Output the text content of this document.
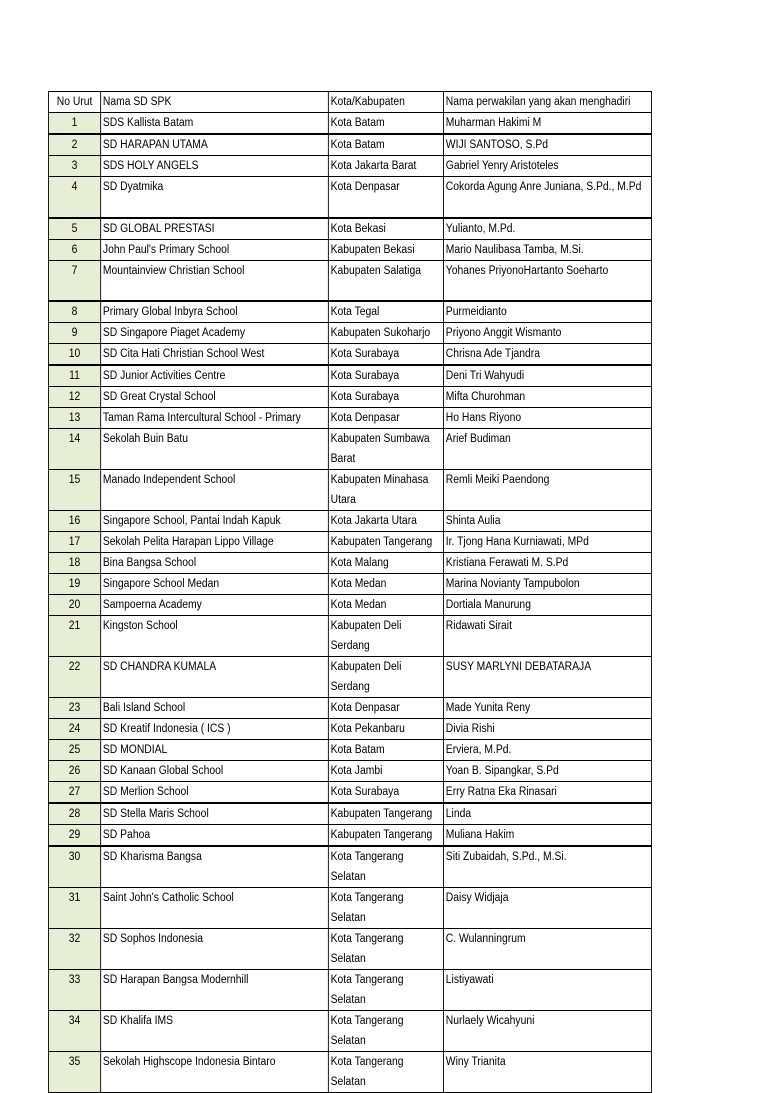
No Urut	Nama SD SPK	Kota/Kabupaten	Nama perwakilan yang akan menghadiri
1	SDS Kallista Batam	Kota Batam	Muharman Hakimi M
2	SD HARAPAN UTAMA	Kota Batam	WIJI SANTOSO, S.Pd
3	SDS HOLY ANGELS	Kota Jakarta Barat	Gabriel Yenry Aristoteles
4	SD Dyatmika	Kota Denpasar	Cokorda Agung Anre Juniana, S.Pd., M.Pd
5	SD GLOBAL PRESTASI	Kota Bekasi	Yulianto, M.Pd.
6	John Paul's Primary School	Kabupaten Bekasi	Mario Naulibasa Tamba, M.Si.
7	Mountainview Christian School	Kabupaten Salatiga	Yohanes PriyonoHartanto Soeharto
8	Primary Global Inbyra School	Kota Tegal	Purmeidianto
9	SD Singapore Piaget Academy	Kabupaten Sukoharjo	Priyono Anggit Wismanto
10	SD Cita Hati Christian School West	Kota Surabaya	Chrisna Ade Tjandra
11	SD Junior Activities Centre	Kota Surabaya	Deni Tri Wahyudi
12	SD Great Crystal School	Kota Surabaya	Mifta Churohman
13	Taman Rama Intercultural School - Primary	Kota Denpasar	Ho Hans Riyono
14	Sekolah Buin Batu	Kabupaten Sumbawa Barat	Arief Budiman
15	Manado Independent School	Kabupaten Minahasa Utara	Remli Meiki Paendong
16	Singapore School, Pantai Indah Kapuk	Kota Jakarta Utara	Shinta Aulia
17	Sekolah Pelita Harapan Lippo Village	Kabupaten Tangerang	Ir. Tjong Hana Kurniawati, MPd
18	Bina Bangsa School	Kota Malang	Kristiana Ferawati M. S.Pd
19	Singapore School Medan	Kota Medan	Marina Novianty Tampubolon
20	Sampoerna Academy	Kota Medan	Dortiala Manurung
21	Kingston School	Kabupaten Deli Serdang	Ridawati Sirait
22	SD CHANDRA KUMALA	Kabupaten Deli Serdang	SUSY MARLYNI DEBATARAJA
23	Bali Island School	Kota Denpasar	Made Yunita Reny
24	SD Kreatif Indonesia ( ICS )	Kota Pekanbaru	Divia Rishi
25	SD MONDIAL	Kota Batam	Erviera, M.Pd.
26	SD Kanaan Global School	Kota Jambi	Yoan B. Sipangkar, S.Pd
27	SD Merlion School	Kota Surabaya	Erry Ratna Eka Rinasari
28	SD Stella Maris School	Kabupaten Tangerang	Linda
29	SD Pahoa	Kabupaten Tangerang	Muliana Hakim
30	SD Kharisma Bangsa	Kota Tangerang Selatan	Siti Zubaidah, S.Pd., M.Si.
31	Saint John's Catholic School	Kota Tangerang Selatan	Daisy Widjaja
32	SD Sophos Indonesia	Kota Tangerang Selatan	C. Wulanningrum
33	SD Harapan Bangsa Modernhill	Kota Tangerang Selatan	Listiyawati
34	SD Khalifa IMS	Kota Tangerang Selatan	Nurlaely Wicahyuni
35	Sekolah Highscope Indonesia Bintaro	Kota Tangerang Selatan	Winy Trianita
